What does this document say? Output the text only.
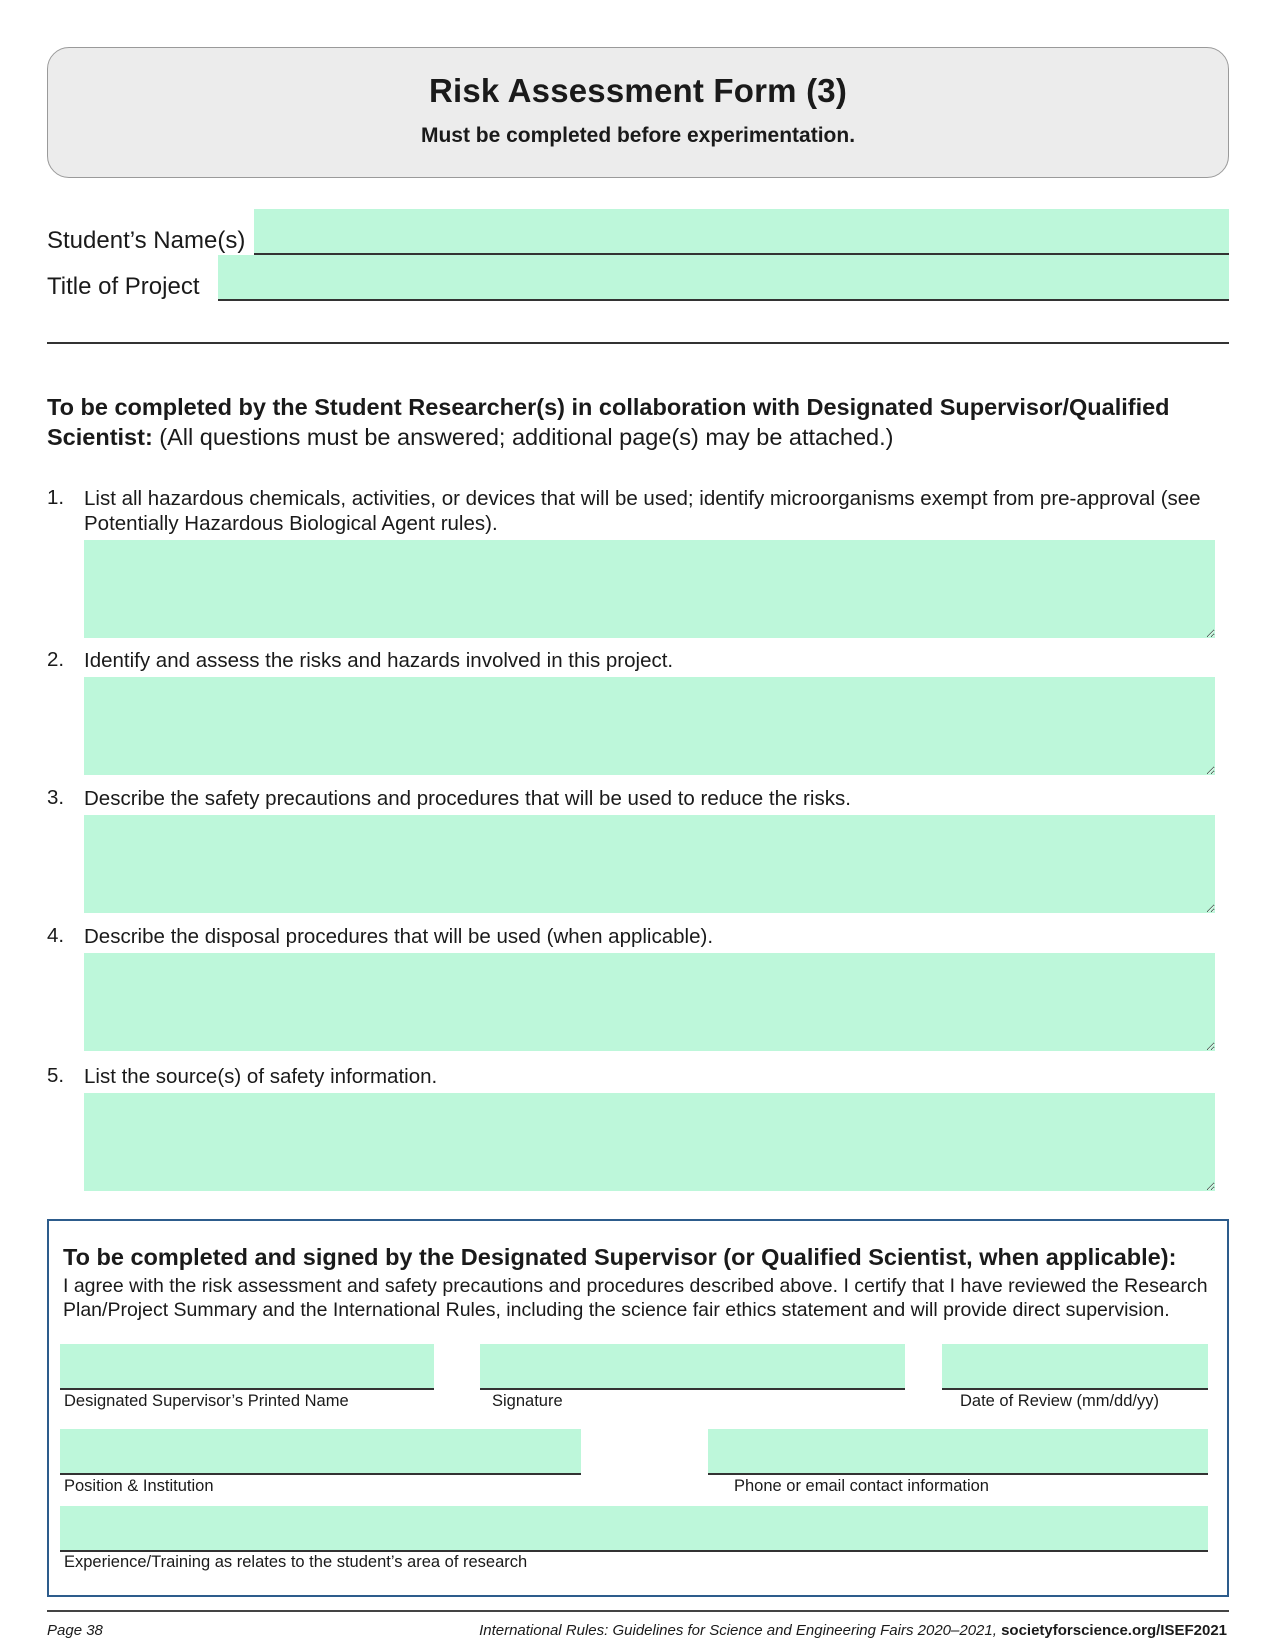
Risk Assessment Form (3)
Must be completed before experimentation.
Student’s Name(s)
Title of Project
To be completed by the Student Researcher(s) in collaboration with Designated Supervisor/Qualified Scientist: (All questions must be answered; additional page(s) may be attached.)
1. List all hazardous chemicals, activities, or devices that will be used; identify microorganisms exempt from pre-approval (see Potentially Hazardous Biological Agent rules).
2. Identify and assess the risks and hazards involved in this project.
3. Describe the safety precautions and procedures that will be used to reduce the risks.
4. Describe the disposal procedures that will be used (when applicable).
5. List the source(s) of safety information.
To be completed and signed by the Designated Supervisor (or Qualified Scientist, when applicable):
I agree with the risk assessment and safety precautions and procedures described above. I certify that I have reviewed the Research Plan/Project Summary and the International Rules, including the science fair ethics statement and will provide direct supervision.
Designated Supervisor’s Printed Name	Signature	Date of Review (mm/dd/yy)
Position & Institution	Phone or email contact information
Experience/Training as relates to the student’s area of research
Page 38	International Rules: Guidelines for Science and Engineering Fairs 2020–2021, societyforscience.org/ISEF2021
